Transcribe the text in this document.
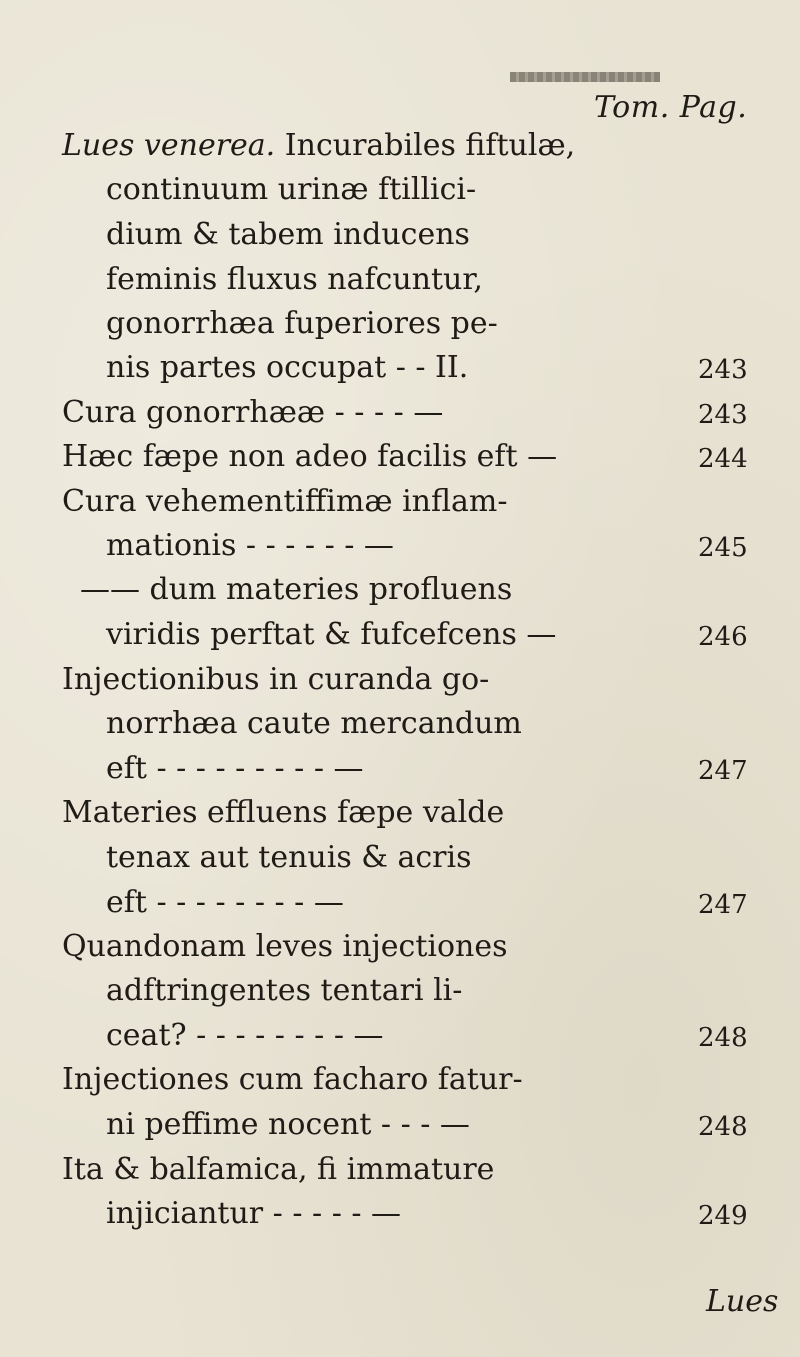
Tom. Pag.
Lues venerea. Incurabiles fiftulæ,
continuum urinæ ftillici-
dium & tabem inducens
feminis fluxus nafcuntur,
gonorrhæa fuperiores pe-
nis partes occupat - - II.	243
Cura gonorrhææ - - - - —	243
Hæc fæpe non adeo facilis eft —	244
Cura vehementiffimæ inflam-
mationis - - - - - - —	245
—— dum materies profluens
viridis perftat & fufcefcens —	246
Injectionibus in curanda go-
norrhæa caute mercandum
eft - - - - - - - - - —	247
Materies effluens fæpe valde
tenax aut tenuis & acris
eft - - - - - - - - —	247
Quandonam leves injectiones
adftringentes tentari li-
ceat? - - - - - - - - —	248
Injectiones cum facharo fatur-
ni peffime nocent - - - —	248
Ita & balfamica, fi immature
injiciantur - - - - - —	249
Lues
